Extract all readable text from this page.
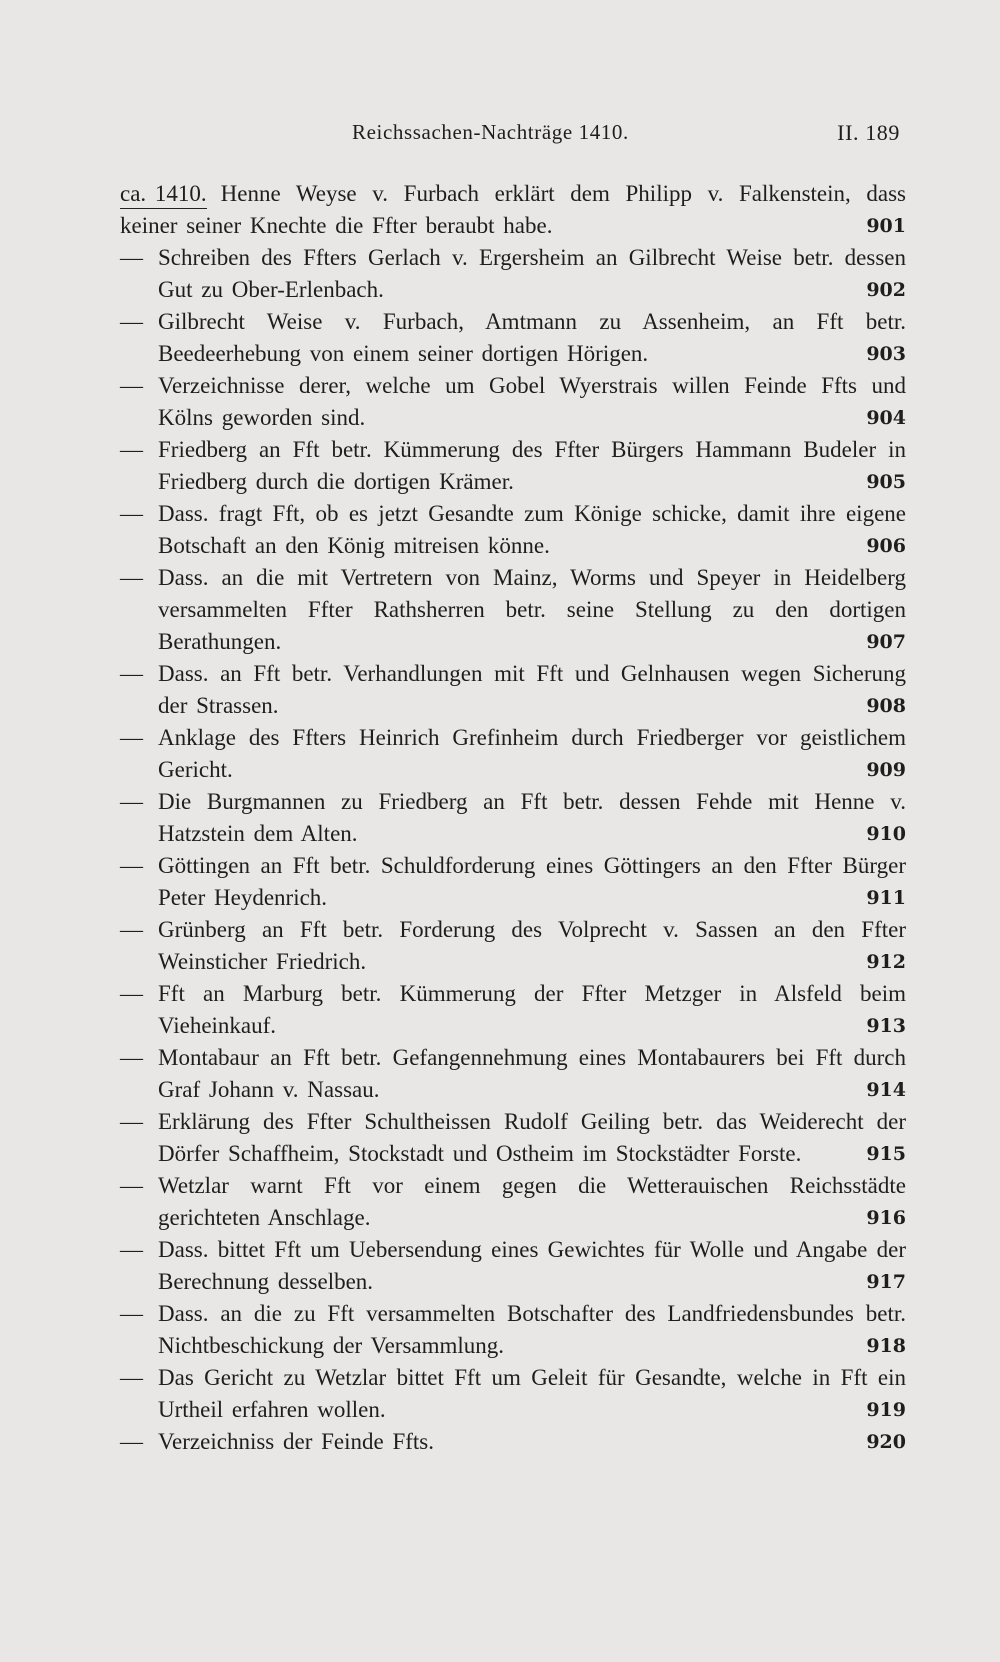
Reichssachen-Nachträge 1410.	II. 189
ca. 1410. Henne Weyse v. Furbach erklärt dem Philipp v. Falkenstein, dass keiner seiner Knechte die Ffter beraubt habe.	901
— Schreiben des Ffters Gerlach v. Ergersheim an Gilbrecht Weise betr. dessen Gut zu Ober-Erlenbach.	902
— Gilbrecht Weise v. Furbach, Amtmann zu Assenheim, an Fft betr. Beedeerhebung von einem seiner dortigen Hörigen.	903
— Verzeichnisse derer, welche um Gobel Wyerstrais willen Feinde Ffts und Kölns geworden sind.	904
— Friedberg an Fft betr. Kümmerung des Ffter Bürgers Hammann Budeler in Friedberg durch die dortigen Krämer.	905
— Dass. fragt Fft, ob es jetzt Gesandte zum Könige schicke, damit ihre eigene Botschaft an den König mitreisen könne.	906
— Dass. an die mit Vertretern von Mainz, Worms und Speyer in Heidelberg versammelten Ffter Rathsherren betr. seine Stellung zu den dortigen Berathungen.	907
— Dass. an Fft betr. Verhandlungen mit Fft und Gelnhausen wegen Sicherung der Strassen.	908
— Anklage des Ffters Heinrich Grefinheim durch Friedberger vor geistlichem Gericht.	909
— Die Burgmannen zu Friedberg an Fft betr. dessen Fehde mit Henne v. Hatzstein dem Alten.	910
— Göttingen an Fft betr. Schuldforderung eines Göttingers an den Ffter Bürger Peter Heydenrich.	911
— Grünberg an Fft betr. Forderung des Volprecht v. Sassen an den Ffter Weinsticher Friedrich.	912
— Fft an Marburg betr. Kümmerung der Ffter Metzger in Alsfeld beim Vieheinkauf.	913
— Montabaur an Fft betr. Gefangennehmung eines Montabaurers bei Fft durch Graf Johann v. Nassau.	914
— Erklärung des Ffter Schultheissen Rudolf Geiling betr. das Weiderecht der Dörfer Schaffheim, Stockstadt und Ostheim im Stockstädter Forste.	915
— Wetzlar warnt Fft vor einem gegen die Wetterauischen Reichsstädte gerichteten Anschlage.	916
— Dass. bittet Fft um Uebersendung eines Gewichtes für Wolle und Angabe der Berechnung desselben.	917
— Dass. an die zu Fft versammelten Botschafter des Landfriedensbundes betr. Nichtbeschickung der Versammlung.	918
— Das Gericht zu Wetzlar bittet Fft um Geleit für Gesandte, welche in Fft ein Urtheil erfahren wollen.	919
— Verzeichniss der Feinde Ffts.	920
